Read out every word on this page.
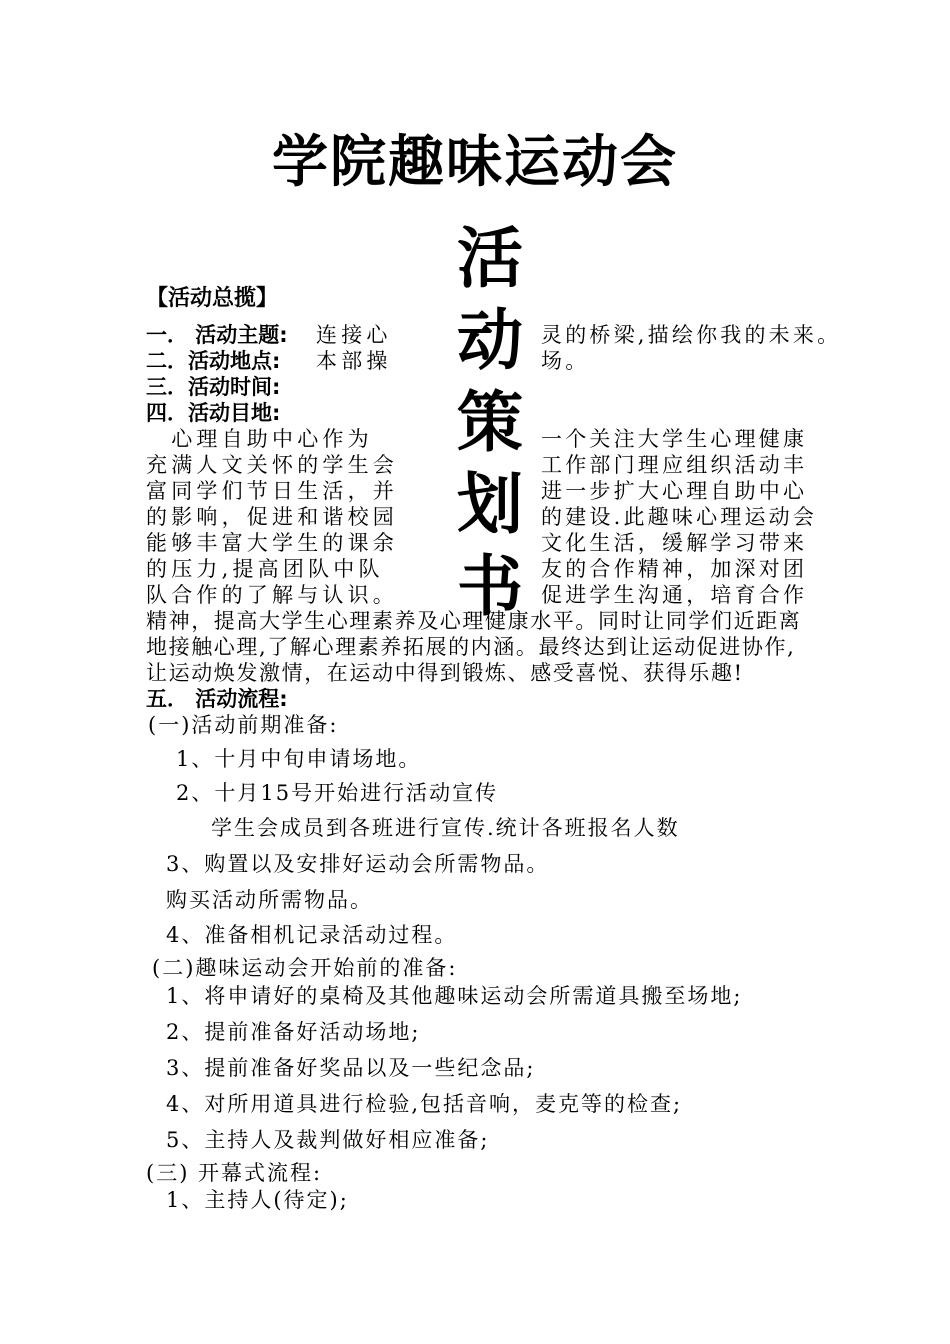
学院趣味运动会
活
动
策
划
书
【活动总揽】
一． 活动主题: 连接心	灵的桥梁,描绘你我的未来。
二．活动地点: 本部操	场。
三．活动时间:
四．活动目地:
　心理自助中心作为
充满人文关怀的学生会
富同学们节日生活，并
的影响，促进和谐校园
能够丰富大学生的课余
的压力,提高团队中队
队合作的了解与认识。
一个关注大学生心理健康
工作部门理应组织活动丰
进一步扩大心理自助中心
的建设.此趣味心理运动会
文化生活，缓解学习带来
友的合作精神，加深对团
促进学生沟通，培育合作
精神，提高大学生心理素养及心理健康水平。同时让同学们近距离
地接触心理,了解心理素养拓展的内涵。最终达到让运动促进协作,
让运动焕发激情，在运动中得到锻炼、感受喜悦、获得乐趣!
五． 活动流程:
(一)活动前期准备:
1、十月中旬申请场地。
2、十月15号开始进行活动宣传
学生会成员到各班进行宣传.统计各班报名人数
3、购置以及安排好运动会所需物品。
购买活动所需物品。
4、准备相机记录活动过程。
(二)趣味运动会开始前的准备:
1、将申请好的桌椅及其他趣味运动会所需道具搬至场地;
2、提前准备好活动场地;
3、提前准备好奖品以及一些纪念品;
4、对所用道具进行检验,包括音响，麦克等的检查;
5、主持人及裁判做好相应准备;
(三) 开幕式流程:
1、主持人(待定);
